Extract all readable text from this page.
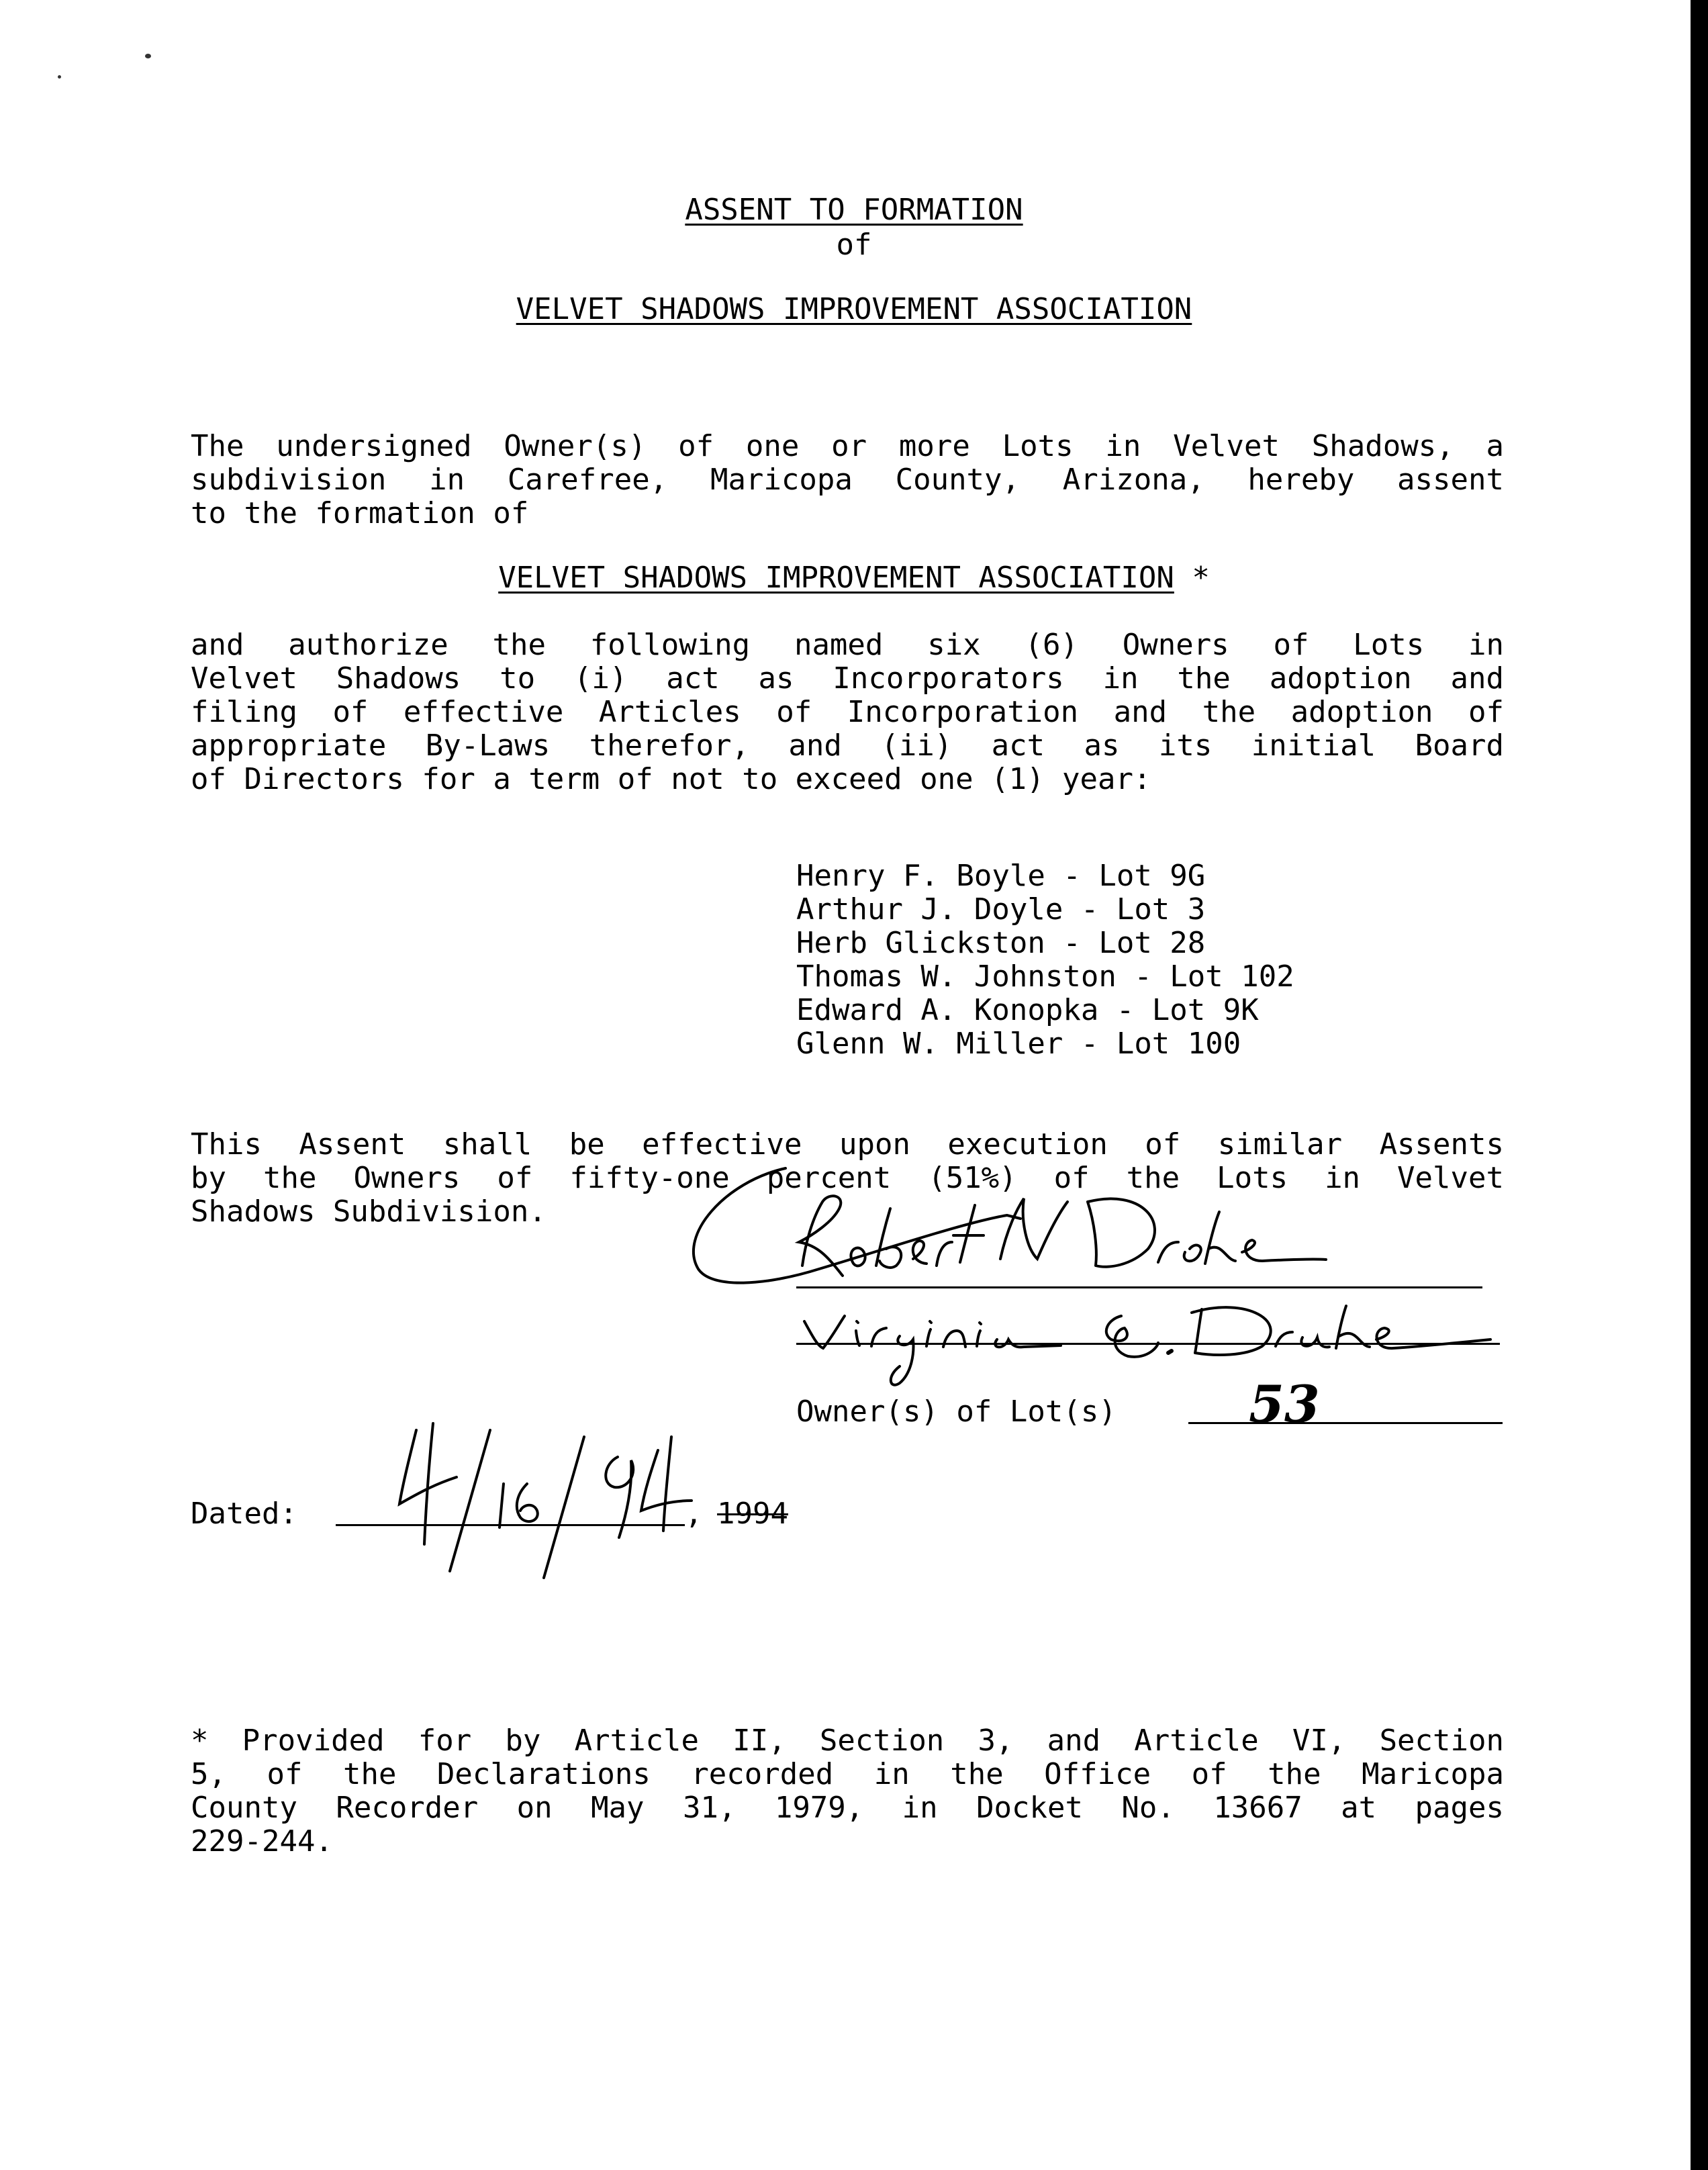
ASSENT TO FORMATION
of
VELVET SHADOWS IMPROVEMENT ASSOCIATION
The undersigned Owner(s) of one or more Lots in Velvet Shadows, a
subdivision in Carefree, Maricopa County, Arizona, hereby assent
to the formation of
VELVET SHADOWS IMPROVEMENT ASSOCIATION *
and authorize the following named six (6) Owners of Lots in
Velvet Shadows to (i) act as Incorporators in the adoption and
filing of effective Articles of Incorporation and the adoption of
appropriate By-Laws therefor, and (ii) act as its initial Board
of Directors for a term of not to exceed one (1) year:
Henry F. Boyle - Lot 9G
Arthur J. Doyle - Lot 3
Herb Glickston - Lot 28
Thomas W. Johnston - Lot 102
Edward A. Konopka - Lot 9K
Glenn W. Miller - Lot 100
This Assent shall be effective upon execution of similar Assents
by the Owners of fifty-one percent (51%) of the Lots in Velvet
Shadows Subdivision.
Owner(s) of Lot(s)	53
Dated:	, 1994
* Provided for by Article II, Section 3, and Article VI, Section
5, of the Declarations recorded in the Office of the Maricopa
County Recorder on May 31, 1979, in Docket No. 13667 at pages
229-244.
